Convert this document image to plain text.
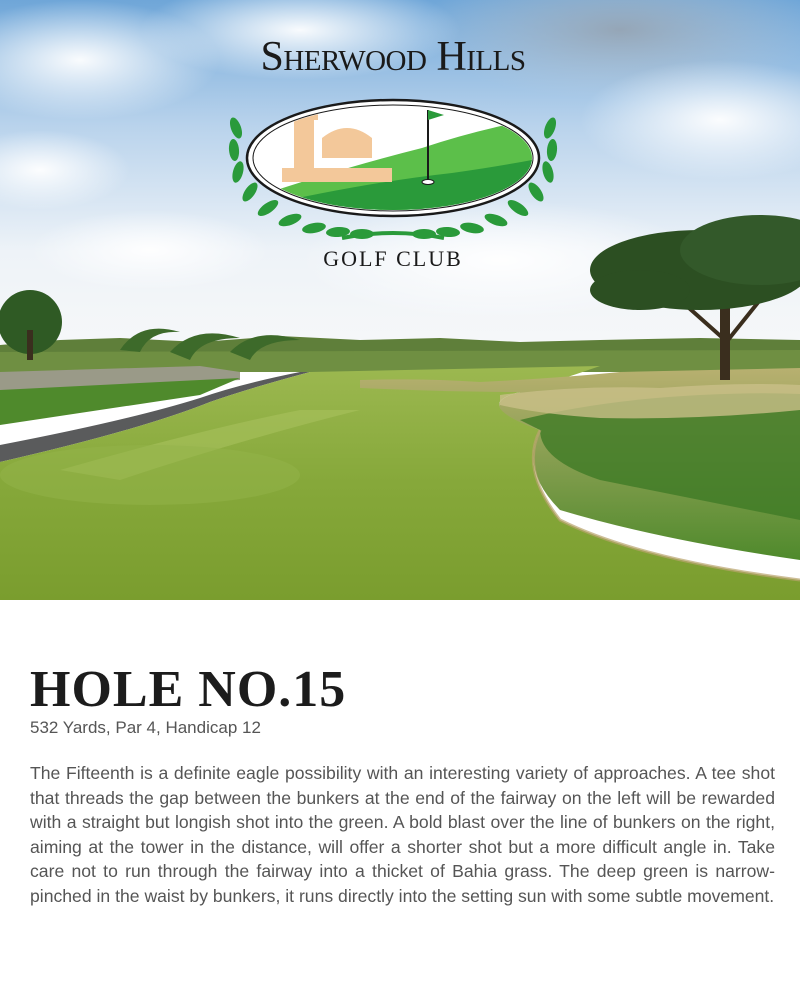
Sherwood Hills
GOLF CLUB
HOLE NO.15
532 Yards, Par 4, Handicap 12

The Fifteenth is a definite eagle possibility with an interesting variety of approaches. A tee shot that threads the gap between the bunkers at the end of the fairway on the left will be rewarded with a straight but longish shot into the green. A bold blast over the line of bunkers on the right, aiming at the tower in the distance, will offer a shorter shot but a more difficult angle in. Take care not to run through the fairway into a thicket of Bahia grass. The deep green is narrow-pinched in the waist by bunkers, it runs directly into the setting sun with some subtle movement.
